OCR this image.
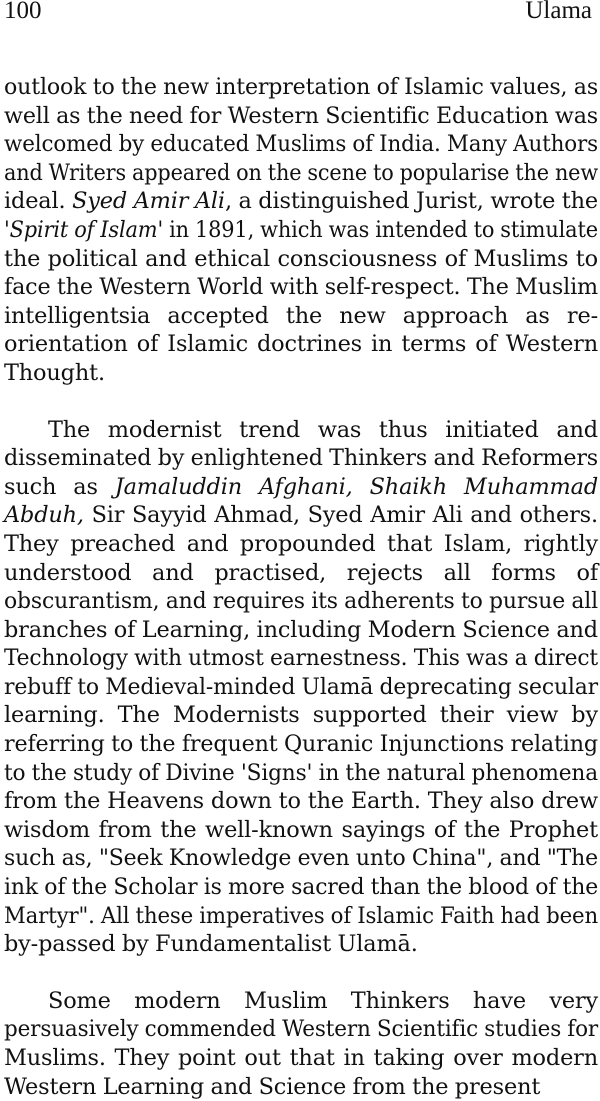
100	Ulama
outlook to the new interpretation of Islamic values, as
well as the need for Western Scientific Education was
welcomed by educated Muslims of India. Many Authors
and Writers appeared on the scene to popularise the new
ideal. Syed Amir Ali, a distinguished Jurist, wrote the
'Spirit of Islam' in 1891, which was intended to stimulate
the political and ethical consciousness of Muslims to
face the Western World with self-respect. The Muslim
intelligentsia accepted the new approach as re-
orientation of Islamic doctrines in terms of Western
Thought.
The modernist trend was thus initiated and
disseminated by enlightened Thinkers and Reformers
such as Jamaluddin Afghani, Shaikh Muhammad
Abduh, Sir Sayyid Ahmad, Syed Amir Ali and others.
They preached and propounded that Islam, rightly
understood and practised, rejects all forms of
obscurantism, and requires its adherents to pursue all
branches of Learning, including Modern Science and
Technology with utmost earnestness. This was a direct
rebuff to Medieval-minded Ulamā deprecating secular
learning. The Modernists supported their view by
referring to the frequent Quranic Injunctions relating
to the study of Divine 'Signs' in the natural phenomena
from the Heavens down to the Earth. They also drew
wisdom from the well-known sayings of the Prophet
such as, "Seek Knowledge even unto China", and "The
ink of the Scholar is more sacred than the blood of the
Martyr". All these imperatives of Islamic Faith had been
by-passed by Fundamentalist Ulamā.
Some modern Muslim Thinkers have very
persuasively commended Western Scientific studies for
Muslims. They point out that in taking over modern
Western Learning and Science from the present
